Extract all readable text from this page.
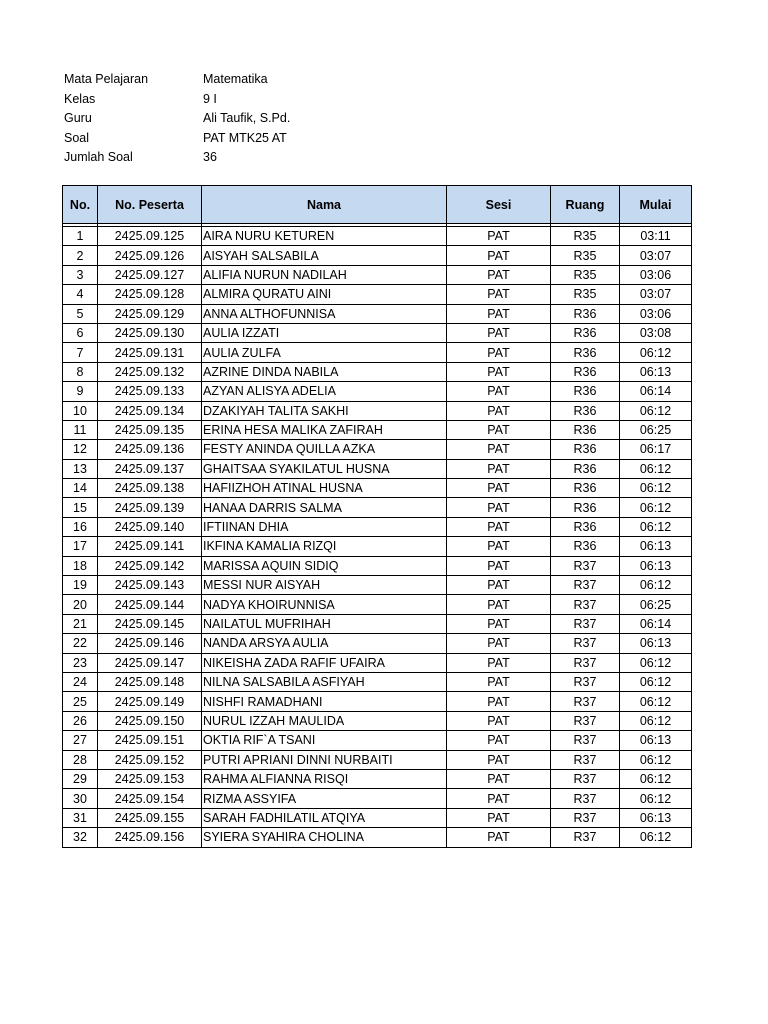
Mata Pelajaran	Matematika
Kelas	9 I
Guru	Ali Taufik, S.Pd.
Soal	PAT MTK25 AT
Jumlah Soal	36
No.	No. Peserta	Nama	Sesi	Ruang	Mulai

1	2425.09.125	AIRA NURU KETUREN	PAT	R35	03:11
2	2425.09.126	AISYAH SALSABILA	PAT	R35	03:07
3	2425.09.127	ALIFIA NURUN NADILAH	PAT	R35	03:06
4	2425.09.128	ALMIRA QURATU AINI	PAT	R35	03:07
5	2425.09.129	ANNA ALTHOFUNNISA	PAT	R36	03:06
6	2425.09.130	AULIA IZZATI	PAT	R36	03:08
7	2425.09.131	AULIA ZULFA	PAT	R36	06:12
8	2425.09.132	AZRINE DINDA NABILA	PAT	R36	06:13
9	2425.09.133	AZYAN ALISYA ADELIA	PAT	R36	06:14
10	2425.09.134	DZAKIYAH TALITA SAKHI	PAT	R36	06:12
11	2425.09.135	ERINA HESA MALIKA ZAFIRAH	PAT	R36	06:25
12	2425.09.136	FESTY ANINDA QUILLA AZKA	PAT	R36	06:17
13	2425.09.137	GHAITSAA SYAKILATUL HUSNA	PAT	R36	06:12
14	2425.09.138	HAFIIZHOH ATINAL HUSNA	PAT	R36	06:12
15	2425.09.139	HANAA DARRIS SALMA	PAT	R36	06:12
16	2425.09.140	IFTIINAN DHIA	PAT	R36	06:12
17	2425.09.141	IKFINA KAMALIA RIZQI	PAT	R36	06:13
18	2425.09.142	MARISSA AQUIN SIDIQ	PAT	R37	06:13
19	2425.09.143	MESSI NUR AISYAH	PAT	R37	06:12
20	2425.09.144	NADYA KHOIRUNNISA	PAT	R37	06:25
21	2425.09.145	NAILATUL MUFRIHAH	PAT	R37	06:14
22	2425.09.146	NANDA ARSYA AULIA	PAT	R37	06:13
23	2425.09.147	NIKEISHA ZADA RAFIF UFAIRA	PAT	R37	06:12
24	2425.09.148	NILNA SALSABILA ASFIYAH	PAT	R37	06:12
25	2425.09.149	NISHFI RAMADHANI	PAT	R37	06:12
26	2425.09.150	NURUL IZZAH MAULIDA	PAT	R37	06:12
27	2425.09.151	OKTIA RIF`A TSANI	PAT	R37	06:13
28	2425.09.152	PUTRI APRIANI DINNI NURBAITI	PAT	R37	06:12
29	2425.09.153	RAHMA ALFIANNA RISQI	PAT	R37	06:12
30	2425.09.154	RIZMA ASSYIFA	PAT	R37	06:12
31	2425.09.155	SARAH FADHILATIL ATQIYA	PAT	R37	06:13
32	2425.09.156	SYIERA SYAHIRA CHOLINA	PAT	R37	06:12
